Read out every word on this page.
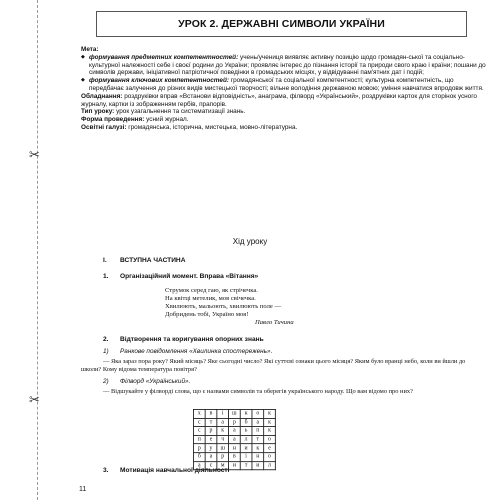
✂
✂
УРОК 2. ДЕРЖАВНІ СИМВОЛИ УКРАЇНИ

Мета:

◆ формування предметних компетентностей: учень/учениця виявляє активну позицію щодо громадян-ської та соціально-культурної належності себе і своєї родини до України; проявляє інтерес до пізнання історії та природи свого краю і країни; пошани до символів держави, ініціативної патріотичної поведінки в громадських місцях, у відвідуванні пам'ятних дат і подій;

◆ формування ключових компетентностей: громадянської та соціальної компетентності; культурна компетентність, що передбачає залучення до різних видів мистецької творчості; вільне володіння державною мовою; уміння навчатися впродовж життя.

Обладнання: роздруківки вправ «Встанови відповідність», анаграма, філворд «Український», роздруківки карток для сторінок усного журналу, картки із зображенням гербів, прапорів.

Тип уроку: урок узагальнення та систематизації знань.

Форма проведення: усний журнал.

Освітні галузі: громадянська, історична, мистецька, мовно-літературна.

Хід уроку
I. ВСТУПНА ЧАСТИНА
1. Організаційний момент. Вправа «Вітання»
Струмок серед гаю, як стрічечка.
На квітці метелик, мов свічечка.
Хвилюють, мальоють, хвилюють поле —
Добридень тобі, Україно моя!
Павло Тичина
2. Відтворення та коригування опорних знань
1) Ранкове повідомлення «Хвилинка спостережень».
— Яка зараз пора року? Який місяць? Яке сьогодні число? Які суттєві ознаки цього місяця? Яким було вранці небо, коли ви йшли до школи? Кому відома температура повітря?
2) Філворд «Український».
— Відшукайте у філворді слова, що є назвами символів та оберегів українського народу. Що вам відомо про них?
х	в	і	ш	к	о	к
с	т	а	р	б	а	к
с	р	к	а	ь	п	к
п	е	ч	а	л	т	о
р	у	ш	н	и	к	е
б	а	р	в	і	н	о
а	с	м	и	т	и	л
3. Мотивація навчальної діяльності
11
